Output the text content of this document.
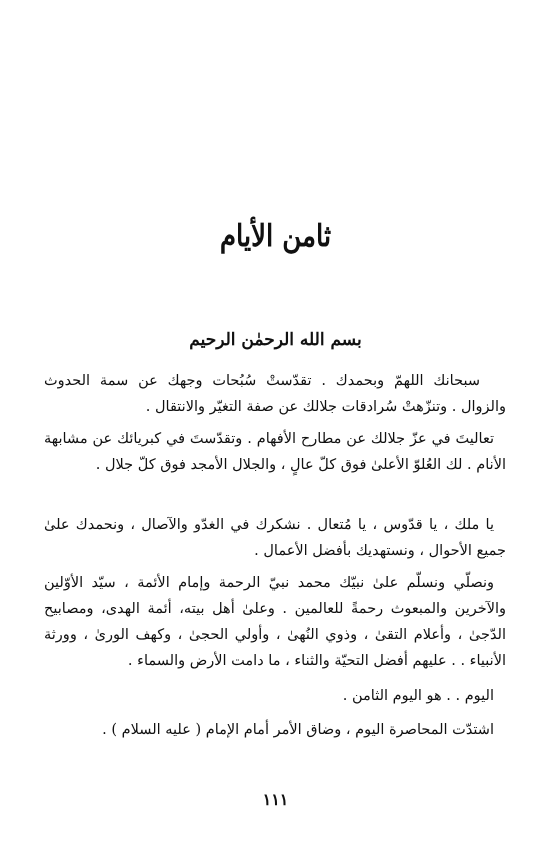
ثامن الأيام
بسم الله الرحمٰن الرحيم

سبحانك اللهمّ وبحمدك . تقدّستْ سُبُحات وجهك عن سمة الحدوث والزوال . وتنزّهتْ سُرادقات جلالك عن صفة التغيّر والانتقال .

تعاليتَ في عزّ جلالك عن مطارح الأفهام . وتقدّستَ في كبريائك عن مشابهة الأنام . لك العُلوّ الأعلىٰ فوق كلّ عالٍ ، والجلال الأمجد فوق كلّ جلال .

يا ملك ، يا قدّوس ، يا مُتعال . نشكرك في الغدّو والآصال ، ونحمدك علىٰ جميع الأحوال ، ونستهديك بأفضل الأعمال .

ونصلّي ونسلّم علىٰ نبيّك محمد نبيّ الرحمة وإمام الأئمة ، سيّد الأوّلين والآخرين والمبعوث رحمةً للعالمين . وعلىٰ أهل بيته، أئمة الهدى، ومصابيح الدّجىٰ ، وأعلام التقىٰ ، وذوي النُهىٰ ، وأولي الحجىٰ ، وكهف الورىٰ ، وورثة الأنبياء . . عليهم أفضل التحيّة والثناء ، ما دامت الأرض والسماء .

اليوم . . هو اليوم الثامن .

اشتدّت المحاصرة اليوم ، وضاق الأمر أمام الإمام ( عليه السلام ) .

١١١
